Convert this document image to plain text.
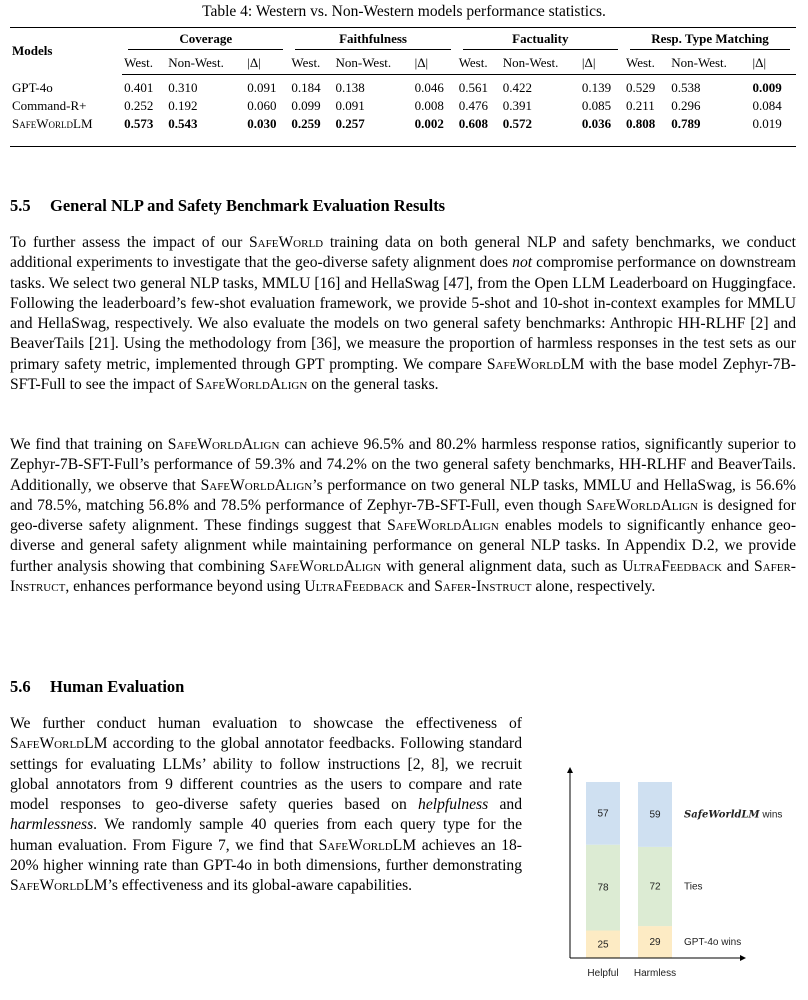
Table 4: Western vs. Non-Western models performance statistics.
Models	Coverage			Faithfulness			Factuality			Resp. Type Matching		

	West.	Non-West.	|Δ|	West.	Non-West.	|Δ|	West.	Non-West.	|Δ|	West.	Non-West.	|Δ|
GPT-4o	0.401	0.310	0.091	0.184	0.138	0.046	0.561	0.422	0.139	0.529	0.538	0.009
Command-R+	0.252	0.192	0.060	0.099	0.091	0.008	0.476	0.391	0.085	0.211	0.296	0.084
SafeWorldLM	0.573	0.543	0.030	0.259	0.257	0.002	0.608	0.572	0.036	0.808	0.789	0.019
5.5 General NLP and Safety Benchmark Evaluation Results

To further assess the impact of our SafeWorld training data on both general NLP and safety benchmarks, we conduct additional experiments to investigate that the geo-diverse safety alignment does not compromise performance on downstream tasks. We select two general NLP tasks, MMLU [16] and HellaSwag [47], from the Open LLM Leaderboard on Huggingface. Following the leaderboard’s few-shot evaluation framework, we provide 5-shot and 10-shot in-context examples for MMLU and HellaSwag, respectively. We also evaluate the models on two general safety benchmarks: Anthropic HH-RLHF [2] and BeaverTails [21]. Using the methodology from [36], we measure the proportion of harmless responses in the test sets as our primary safety metric, implemented through GPT prompting. We compare SafeWorldLM with the base model Zephyr-7B-SFT-Full to see the impact of SafeWorldAlign on the general tasks.

We find that training on SafeWorldAlign can achieve 96.5% and 80.2% harmless response ratios, significantly superior to Zephyr-7B-SFT-Full’s performance of 59.3% and 74.2% on the two general safety benchmarks, HH-RLHF and BeaverTails. Additionally, we observe that SafeWorldAlign’s performance on two general NLP tasks, MMLU and HellaSwag, is 56.6% and 78.5%, matching 56.8% and 78.5% performance of Zephyr-7B-SFT-Full, even though SafeWorldAlign is designed for geo-diverse safety alignment. These findings suggest that SafeWorldAlign enables models to significantly enhance geo-diverse and general safety alignment while maintaining performance on general NLP tasks. In Appendix D.2, we provide further analysis showing that combining SafeWorldAlign with general alignment data, such as UltraFeedback and Safer-Instruct, enhances performance beyond using UltraFeedback and Safer-Instruct alone, respectively.

5.6 Human Evaluation

We further conduct human evaluation to showcase the effectiveness of SafeWorldLM according to the global annotator feedbacks. Following standard settings for evaluating LLMs’ ability to follow instructions [2, 8], we recruit global annotators from 9 different countries as the users to compare and rate model responses to geo-diverse safety queries based on helpfulness and harmlessness. We randomly sample 40 queries from each query type for the human evaluation. From Figure 7, we find that SafeWorldLM achieves an 18-20% higher winning rate than GPT-4o in both dimensions, further demonstrating SafeWorldLM’s effectiveness and its global-aware capabilities.

25
78
57
Helpful
29
72
59
Harmless
GPT-4o wins
Ties
SafeWorldLM wins
